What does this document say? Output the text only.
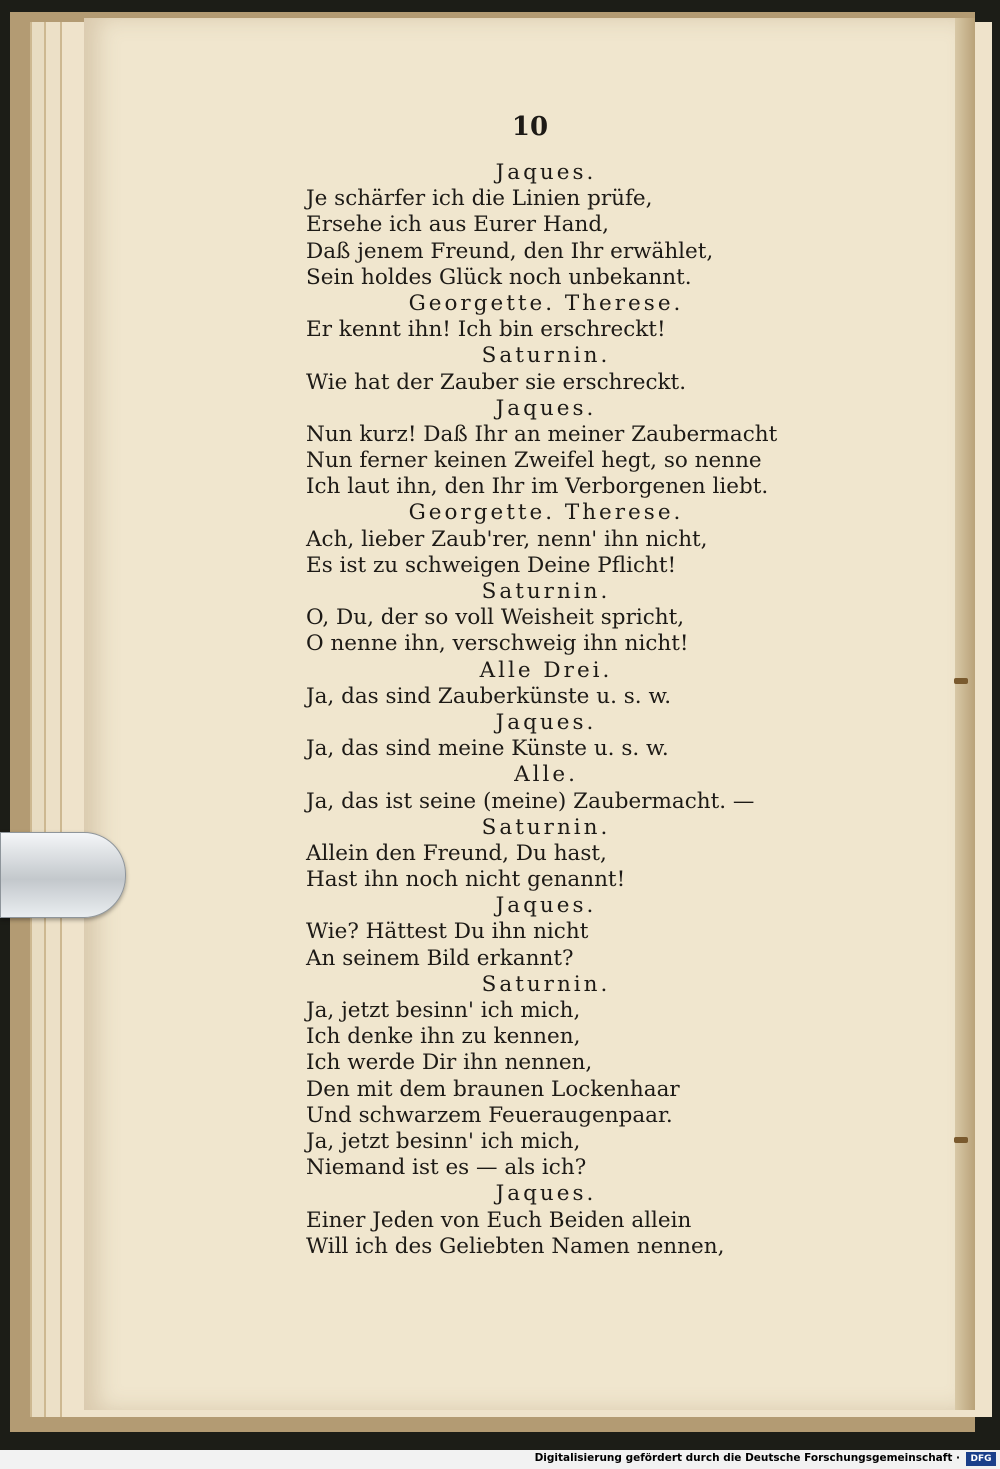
10
Jaques.
Je schärfer ich die Linien prüfe,
Ersehe ich aus Eurer Hand,
Daß jenem Freund, den Ihr erwählet,
Sein holdes Glück noch unbekannt.
Georgette. Therese.
Er kennt ihn! Ich bin erschreckt!
Saturnin.
Wie hat der Zauber sie erschreckt.
Jaques.
Nun kurz! Daß Ihr an meiner Zaubermacht
Nun ferner keinen Zweifel hegt, so nenne
Ich laut ihn, den Ihr im Verborgenen liebt.
Georgette. Therese.
Ach, lieber Zaub'rer, nenn' ihn nicht,
Es ist zu schweigen Deine Pflicht!
Saturnin.
O, Du, der so voll Weisheit spricht,
O nenne ihn, verschweig ihn nicht!
Alle Drei.
Ja, das sind Zauberkünste u. s. w.
Jaques.
Ja, das sind meine Künste u. s. w.
Alle.
Ja, das ist seine (meine) Zaubermacht. —
Saturnin.
Allein den Freund, Du hast,
Hast ihn noch nicht genannt!
Jaques.
Wie? Hättest Du ihn nicht
An seinem Bild erkannt?
Saturnin.
Ja, jetzt besinn' ich mich,
Ich denke ihn zu kennen,
Ich werde Dir ihn nennen,
Den mit dem braunen Lockenhaar
Und schwarzem Feueraugenpaar.
Ja, jetzt besinn' ich mich,
Niemand ist es — als ich?
Jaques.
Einer Jeden von Euch Beiden allein
Will ich des Geliebten Namen nennen,
Digitalisierung gefördert durch die Deutsche Forschungsgemeinschaft ·	DFG
